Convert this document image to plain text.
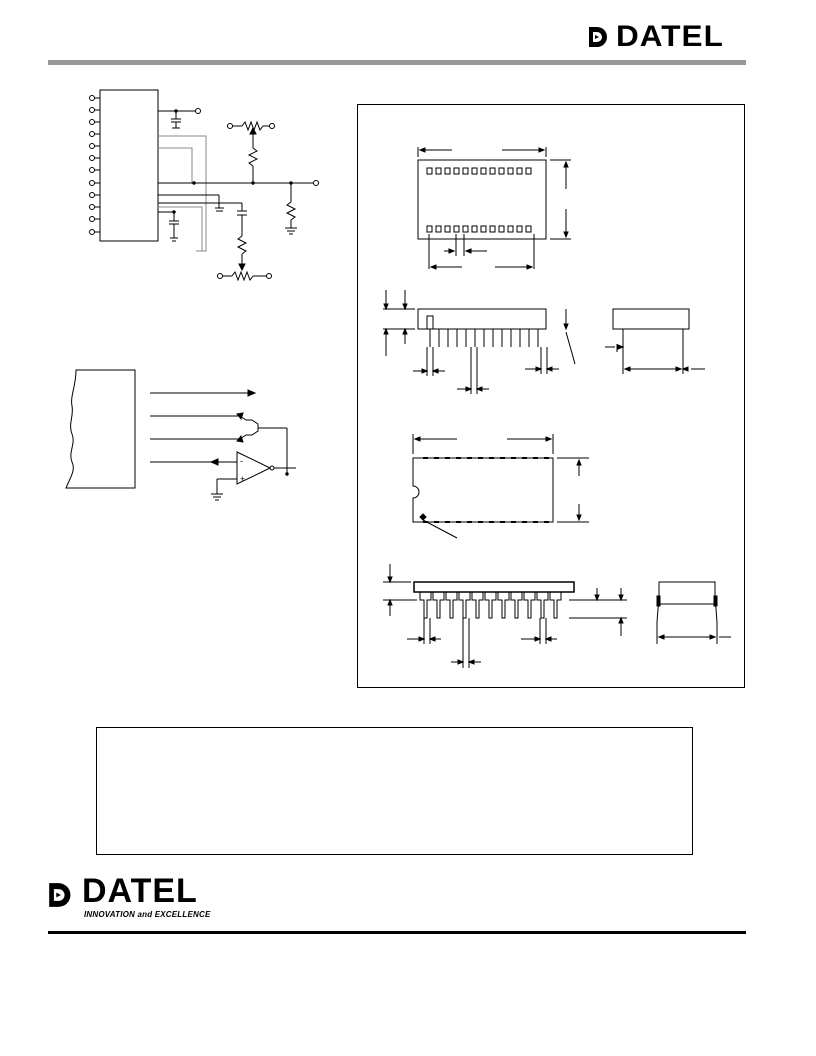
DATEL
-
+
DATEL
INNOVATION and EXCELLENCE
